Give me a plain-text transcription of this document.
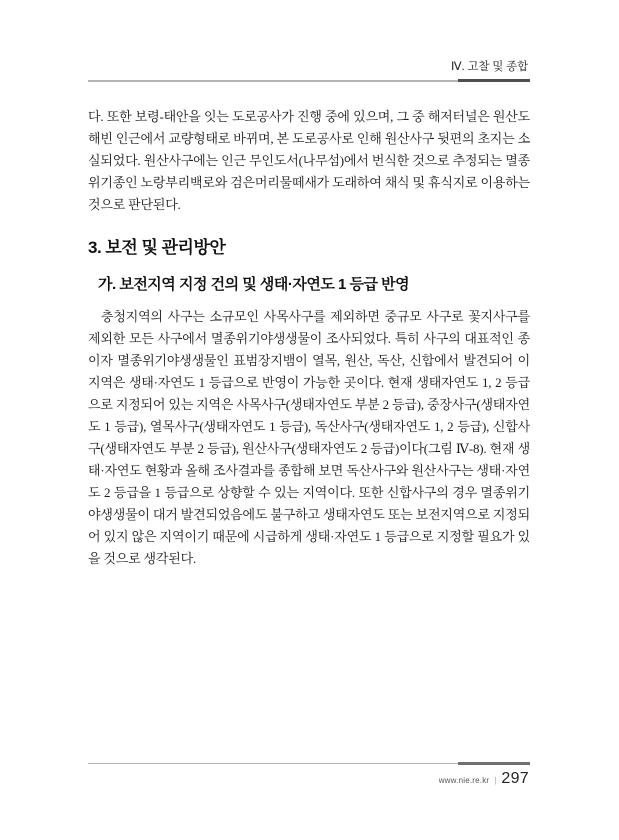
Ⅳ. 고찰 및 종합

다. 또한 보령-태안을 잇는 도로공사가 진행 중에 있으며, 그 중 해저터널은 원산도 해빈 인근에서 교량형태로 바뀌며, 본 도로공사로 인해 원산사구 뒷편의 초지는 소실되었다. 원산사구에는 인근 무인도서(나무섬)에서 번식한 것으로 추정되는 멸종위기종인 노랑부리백로와 검은머리물떼새가 도래하여 채식 및 휴식지로 이용하는 것으로 판단된다.

3. 보전 및 관리방안
가. 보전지역 지정 건의 및 생태·자연도 1 등급 반영

충청지역의 사구는 소규모인 사목사구를 제외하면 중규모 사구로 꽃지사구를 제외한 모든 사구에서 멸종위기야생생물이 조사되었다. 특히 사구의 대표적인 종이자 멸종위기야생생물인 표범장지뱀이 열목, 원산, 독산, 신합에서 발견되어 이 지역은 생태·자연도 1 등급으로 반영이 가능한 곳이다. 현재 생태자연도 1, 2 등급으로 지정되어 있는 지역은 사목사구(생태자연도 부분 2 등급), 중장사구(생태자연도 1 등급), 열목사구(생태자연도 1 등급), 독산사구(생태자연도 1, 2 등급), 신합사구(생태자연도 부분 2 등급), 원산사구(생태자연도 2 등급)이다(그림 Ⅳ-8). 현재 생태·자연도 현황과 올해 조사결과를 종합해 보면 독산사구와 원산사구는 생태·자연도 2 등급을 1 등급으로 상향할 수 있는 지역이다. 또한 신합사구의 경우 멸종위기야생생물이 대거 발견되었음에도 불구하고 생태자연도 또는 보전지역으로 지정되어 있지 않은 지역이기 때문에 시급하게 생태·자연도 1 등급으로 지정할 필요가 있을 것으로 생각된다.

www.nie.re.kr | 297
